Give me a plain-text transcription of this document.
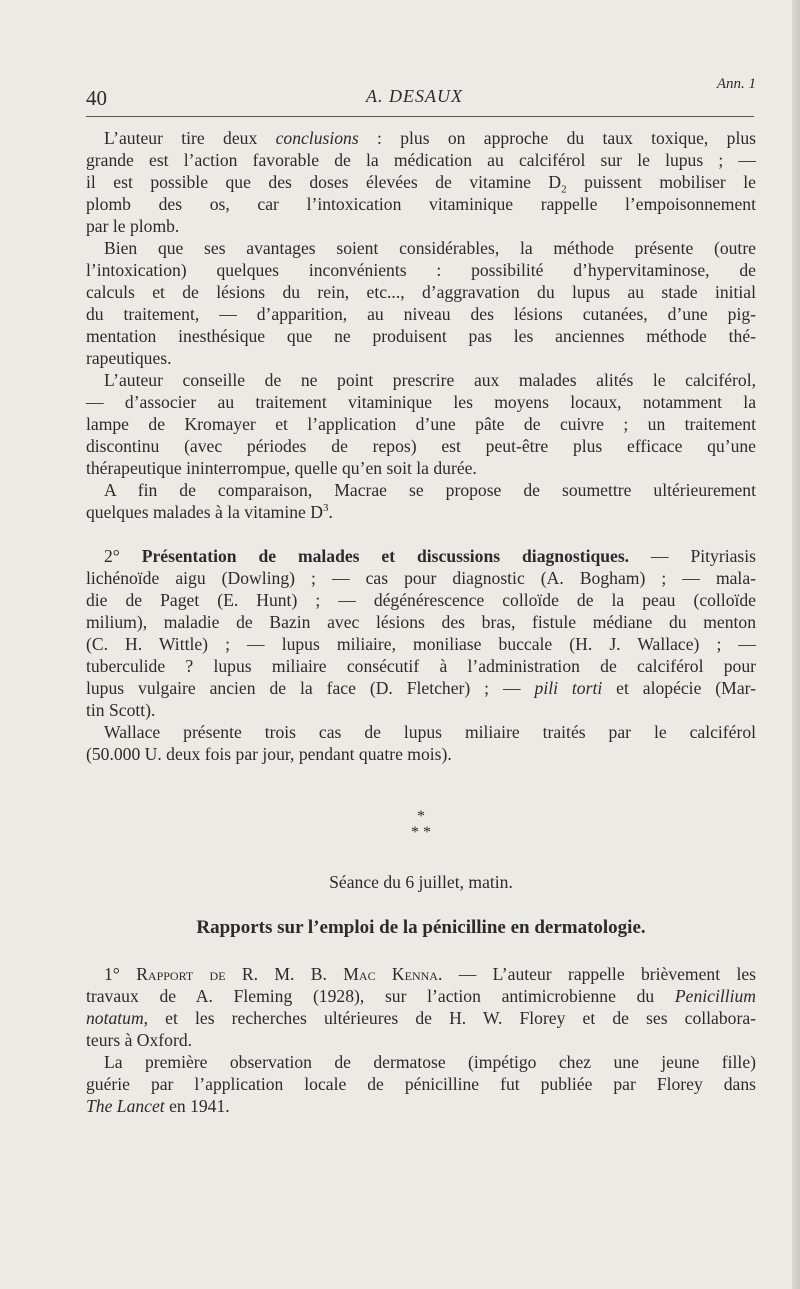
40	A. DESAUX
Ann. 1
L’auteur tire deux conclusions : plus on approche du taux toxique, plus
grande est l’action favorable de la médication au calciférol sur le lupus ; —
il est possible que des doses élevées de vitamine $D_2$ puissent mobiliser le
plomb des os, car l’intoxication vitaminique rappelle l’empoisonnement
par le plomb.
Bien que ses avantages soient considérables, la méthode présente (outre
l’intoxication) quelques inconvénients : possibilité d’hypervitaminose, de
calculs et de lésions du rein, etc..., d’aggravation du lupus au stade initial
du traitement, — d’apparition, au niveau des lésions cutanées, d’une pig-
mentation inesthésique que ne produisent pas les anciennes méthode thé-
rapeutiques.
L’auteur conseille de ne point prescrire aux malades alités le calciférol,
— d’associer au traitement vitaminique les moyens locaux, notamment la
lampe de Kromayer et l’application d’une pâte de cuivre ; un traitement
discontinu (avec périodes de repos) est peut-être plus efficace qu’une
thérapeutique ininterrompue, quelle qu’en soit la durée.
A fin de comparaison, Macrae se propose de soumettre ultérieurement
quelques malades à la vitamine $D^3$.
2° Présentation de malades et discussions diagnostiques. — Pityriasis
lichénoïde aigu (Dowling) ; — cas pour diagnostic (A. Bogham) ; — mala-
die de Paget (E. Hunt) ; — dégénérescence colloïde de la peau (colloïde
milium), maladie de Bazin avec lésions des bras, fistule médiane du menton
(C. H. Wittle) ; — lupus miliaire, moniliase buccale (H. J. Wallace) ; —
tuberculide ? lupus miliaire consécutif à l’administration de calciférol pour
lupus vulgaire ancien de la face (D. Fletcher) ; — pili torti et alopécie (Mar-
tin Scott).
Wallace présente trois cas de lupus miliaire traités par le calciférol
(50.000 U. deux fois par jour, pendant quatre mois).
*
* *
Séance du 6 juillet, matin.
Rapports sur l’emploi de la pénicilline en dermatologie.
1° Rapport de R. M. B. Mac Kenna. — L’auteur rappelle brièvement les
travaux de A. Fleming (1928), sur l’action antimicrobienne du Penicillium
notatum, et les recherches ultérieures de H. W. Florey et de ses collabora-
teurs à Oxford.
La première observation de dermatose (impétigo chez une jeune fille)
guérie par l’application locale de pénicilline fut publiée par Florey dans
The Lancet en 1941.
